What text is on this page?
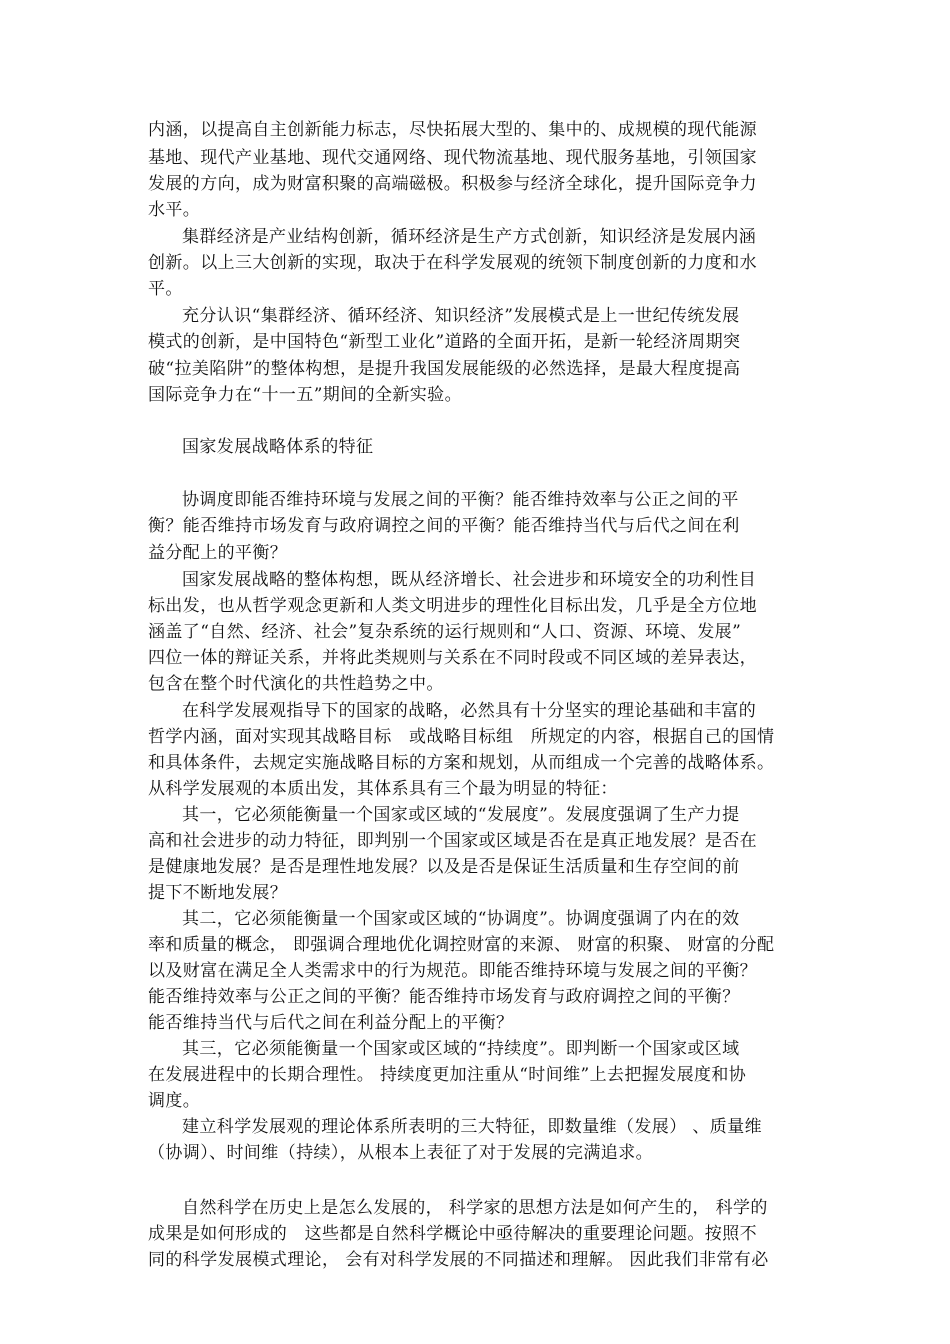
内涵，以提高自主创新能力标志，尽快拓展大型的、集中的、成规模的现代能源
基地、现代产业基地、现代交通网络、现代物流基地、现代服务基地，引领国家
发展的方向，成为财富积聚的高端磁极。积极参与经济全球化，提升国际竞争力
水平。
集群经济是产业结构创新，循环经济是生产方式创新，知识经济是发展内涵
创新。以上三大创新的实现，取决于在科学发展观的统领下制度创新的力度和水
平。
充分认识“集群经济、循环经济、知识经济”发展模式是上一世纪传统发展
模式的创新，是中国特色“新型工业化”道路的全面开拓，是新一轮经济周期突
破“拉美陷阱”的整体构想，是提升我国发展能级的必然选择，是最大程度提高
国际竞争力在“十一五”期间的全新实验。
国家发展战略体系的特征
协调度即能否维持环境与发展之间的平衡？能否维持效率与公正之间的平
衡？能否维持市场发育与政府调控之间的平衡？能否维持当代与后代之间在利
益分配上的平衡？
国家发展战略的整体构想，既从经济增长、社会进步和环境安全的功利性目
标出发，也从哲学观念更新和人类文明进步的理性化目标出发，几乎是全方位地
涵盖了“自然、经济、社会”复杂系统的运行规则和“人口、资源、环境、发展”
四位一体的辩证关系，并将此类规则与关系在不同时段或不同区域的差异表达，
包含在整个时代演化的共性趋势之中。
在科学发展观指导下的国家的战略，必然具有十分坚实的理论基础和丰富的
哲学内涵，面对实现其战略目标　或战略目标组　所规定的内容，根据自己的国情
和具体条件，去规定实施战略目标的方案和规划，从而组成一个完善的战略体系。
从科学发展观的本质出发，其体系具有三个最为明显的特征：
其一，它必须能衡量一个国家或区域的“发展度”。发展度强调了生产力提
高和社会进步的动力特征，即判别一个国家或区域是否在是真正地发展？是否在
是健康地发展？是否是理性地发展？以及是否是保证生活质量和生存空间的前
提下不断地发展？
其二，它必须能衡量一个国家或区域的“协调度”。协调度强调了内在的效
率和质量的概念， 即强调合理地优化调控财富的来源、 财富的积聚、 财富的分配
以及财富在满足全人类需求中的行为规范。即能否维持环境与发展之间的平衡？
能否维持效率与公正之间的平衡？能否维持市场发育与政府调控之间的平衡？
能否维持当代与后代之间在利益分配上的平衡？
其三，它必须能衡量一个国家或区域的“持续度”。即判断一个国家或区域
在发展进程中的长期合理性。 持续度更加注重从“时间维”上去把握发展度和协
调度。
建立科学发展观的理论体系所表明的三大特征，即数量维（发展） 、质量维
（协调）、时间维（持续），从根本上表征了对于发展的完满追求。
自然科学在历史上是怎么发展的， 科学家的思想方法是如何产生的， 科学的
成果是如何形成的　这些都是自然科学概论中亟待解决的重要理论问题。按照不
同的科学发展模式理论， 会有对科学发展的不同描述和理解。 因此我们非常有必
